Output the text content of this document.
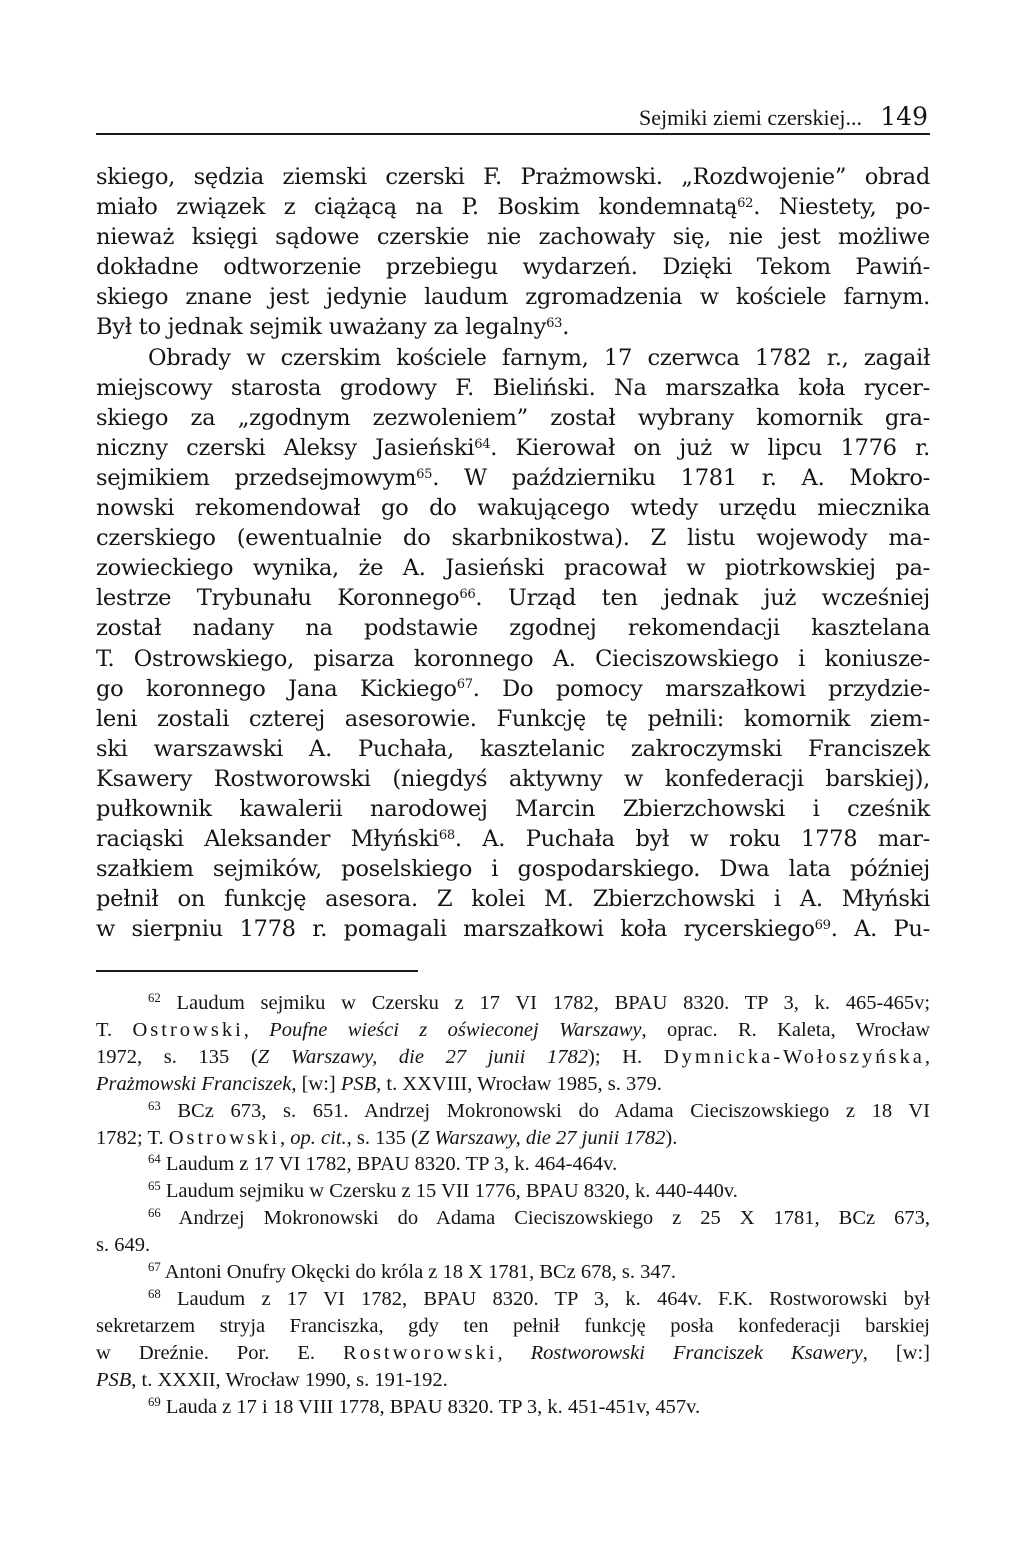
Sejmiki ziemi czerskiej... 149
skiego, sędzia ziemski czerski F. Prażmowski. „Rozdwojenie” obrad
miało związek z ciążącą na P. Boskim kondemnatą$^{62}$. Niestety, po-
nieważ księgi sądowe czerskie nie zachowały się, nie jest możliwe
dokładne odtworzenie przebiegu wydarzeń. Dzięki Tekom Pawiń-
skiego znane jest jedynie laudum zgromadzenia w kościele farnym.
Był to jednak sejmik uważany za legalny$^{63}$.
Obrady w czerskim kościele farnym, 17 czerwca 1782 r., zagaił
miejscowy starosta grodowy F. Bieliński. Na marszałka koła rycer-
skiego za „zgodnym zezwoleniem” został wybrany komornik gra-
niczny czerski Aleksy Jasieński$^{64}$. Kierował on już w lipcu 1776 r.
sejmikiem przedsejmowym$^{65}$. W październiku 1781 r. A. Mokro-
nowski rekomendował go do wakującego wtedy urzędu miecznika
czerskiego (ewentualnie do skarbnikostwa). Z listu wojewody ma-
zowieckiego wynika, że A. Jasieński pracował w piotrkowskiej pa-
lestrze Trybunału Koronnego$^{66}$. Urząd ten jednak już wcześniej
został nadany na podstawie zgodnej rekomendacji kasztelana
T. Ostrowskiego, pisarza koronnego A. Cieciszowskiego i koniusze-
go koronnego Jana Kickiego$^{67}$. Do pomocy marszałkowi przydzie-
leni zostali czterej asesorowie. Funkcję tę pełnili: komornik ziem-
ski warszawski A. Puchała, kasztelanic zakroczymski Franciszek
Ksawery Rostworowski (niegdyś aktywny w konfederacji barskiej),
pułkownik kawalerii narodowej Marcin Zbierzchowski i cześnik
raciąski Aleksander Młyński$^{68}$. A. Puchała był w roku 1778 mar-
szałkiem sejmików, poselskiego i gospodarskiego. Dwa lata później
pełnił on funkcję asesora. Z kolei M. Zbierzchowski i A. Młyński
w sierpniu 1778 r. pomagali marszałkowi koła rycerskiego$^{69}$. A. Pu-
$^{62}$ Laudum sejmiku w Czersku z 17 VI 1782, BPAU 8320. TP 3, k. 465-465v;
T. Ostrowski, Poufne wieści z oświeconej Warszawy, oprac. R. Kaleta, Wrocław
1972, s. 135 (Z Warszawy, die 27 junii 1782); H. Dymnicka-Wołoszyńska,
Prażmowski Franciszek, [w:] PSB, t. XXVIII, Wrocław 1985, s. 379.
$^{63}$ BCz 673, s. 651. Andrzej Mokronowski do Adama Cieciszowskiego z 18 VI
1782; T. Ostrowski, op. cit., s. 135 (Z Warszawy, die 27 junii 1782).
$^{64}$ Laudum z 17 VI 1782, BPAU 8320. TP 3, k. 464-464v.
$^{65}$ Laudum sejmiku w Czersku z 15 VII 1776, BPAU 8320, k. 440-440v.
$^{66}$ Andrzej Mokronowski do Adama Cieciszowskiego z 25 X 1781, BCz 673,
s. 649.
$^{67}$ Antoni Onufry Okęcki do króla z 18 X 1781, BCz 678, s. 347.
$^{68}$ Laudum z 17 VI 1782, BPAU 8320. TP 3, k. 464v. F.K. Rostworowski był
sekretarzem stryja Franciszka, gdy ten pełnił funkcję posła konfederacji barskiej
w Dreźnie. Por. E. Rostworowski, Rostworowski Franciszek Ksawery, [w:]
PSB, t. XXXII, Wrocław 1990, s. 191-192.
$^{69}$ Lauda z 17 i 18 VIII 1778, BPAU 8320. TP 3, k. 451-451v, 457v.
